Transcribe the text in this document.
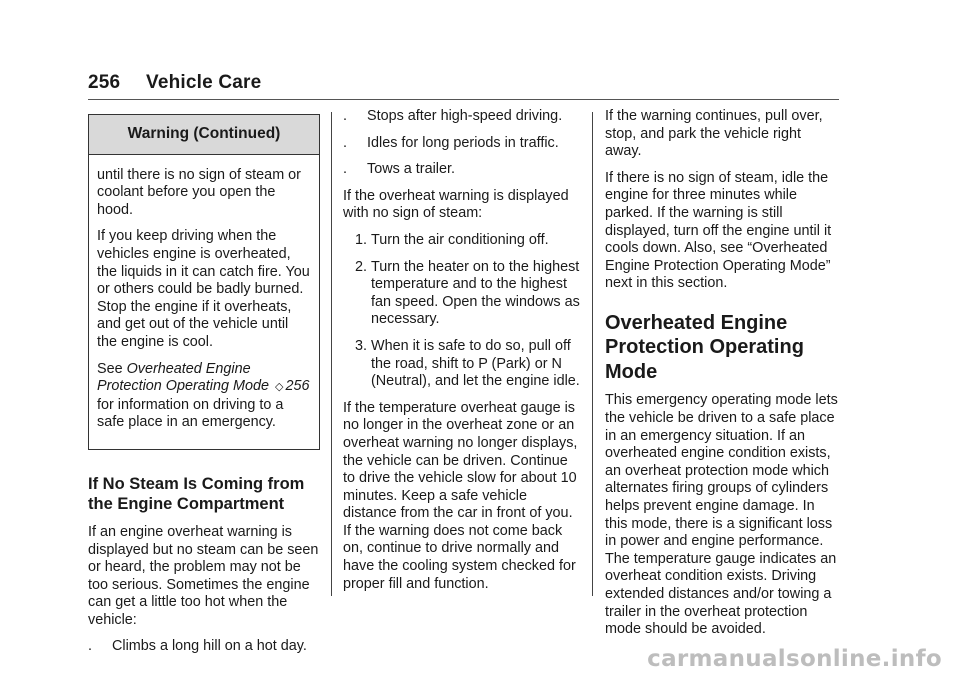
256 Vehicle Care
Warning (Continued)

until there is no sign of steam or coolant before you open the hood.

If you keep driving when the vehicles engine is overheated, the liquids in it can catch fire. You or others could be badly burned. Stop the engine if it overheats, and get out of the vehicle until the engine is cool.

See Overheated Engine Protection Operating Mode ◇ 256 for information on driving to a safe place in an emergency.

If No Steam Is Coming from the Engine Compartment

If an engine overheat warning is displayed but no steam can be seen or heard, the problem may not be too serious. Sometimes the engine can get a little too hot when the vehicle:

. Climbs a long hill on a hot day.
. Stops after high-speed driving.
. Idles for long periods in traffic.
. Tows a trailer.

If the overheat warning is displayed with no sign of steam:

1. Turn the air conditioning off.
2. Turn the heater on to the highest temperature and to the highest fan speed. Open the windows as necessary.
3. When it is safe to do so, pull off the road, shift to P (Park) or N (Neutral), and let the engine idle.

If the temperature overheat gauge is no longer in the overheat zone or an overheat warning no longer displays, the vehicle can be driven. Continue to drive the vehicle slow for about 10 minutes. Keep a safe vehicle distance from the car in front of you. If the warning does not come back on, continue to drive normally and have the cooling system checked for proper fill and function.

If the warning continues, pull over, stop, and park the vehicle right away.

If there is no sign of steam, idle the engine for three minutes while parked. If the warning is still displayed, turn off the engine until it cools down. Also, see “Overheated Engine Protection Operating Mode” next in this section.

Overheated Engine Protection Operating Mode

This emergency operating mode lets the vehicle be driven to a safe place in an emergency situation. If an overheated engine condition exists, an overheat protection mode which alternates firing groups of cylinders helps prevent engine damage. In this mode, there is a significant loss in power and engine performance. The temperature gauge indicates an overheat condition exists. Driving extended distances and/or towing a trailer in the overheat protection mode should be avoided.

carmanualsonline.info
